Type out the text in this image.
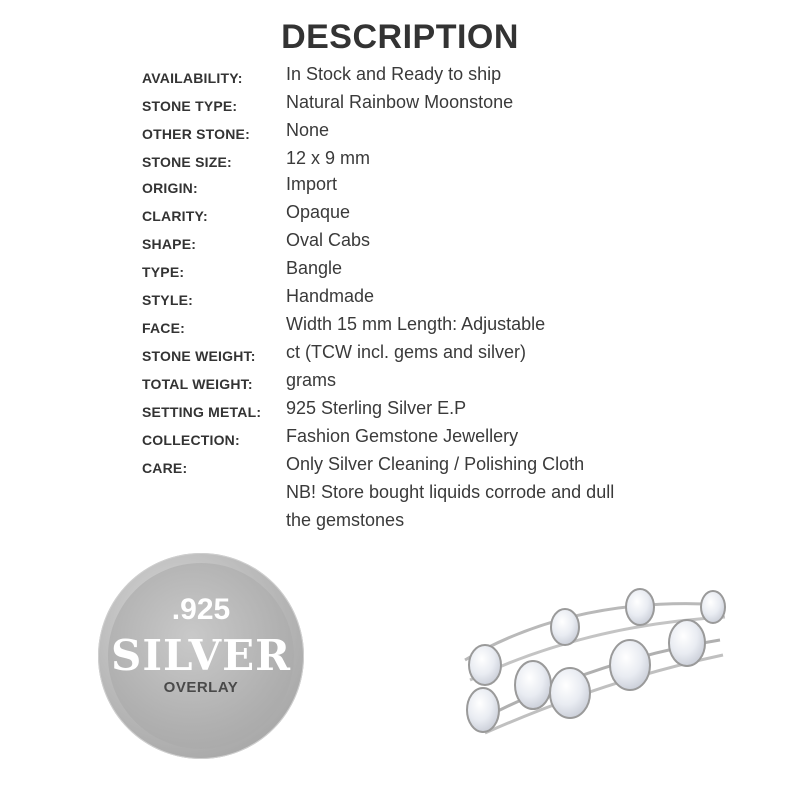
DESCRIPTION
AVAILABILITY: In Stock and Ready to ship
STONE TYPE:	Natural Rainbow Moonstone
OTHER STONE: None
STONE SIZE:	12 x 9 mm
ORIGIN:	Import
CLARITY:	Opaque
SHAPE:	Oval Cabs
TYPE:	Bangle
STYLE:	Handmade
FACE:	Width 15 mm Length: Adjustable
STONE WEIGHT: ct (TCW incl. gems and silver)
TOTAL WEIGHT: grams
SETTING METAL: 925 Sterling Silver E.P
COLLECTION:	Fashion Gemstone Jewellery
CARE:	Only Silver Cleaning / Polishing Cloth
NB! Store bought liquids corrode and dull
the gemstones
.925
SILVER
OVERLAY
